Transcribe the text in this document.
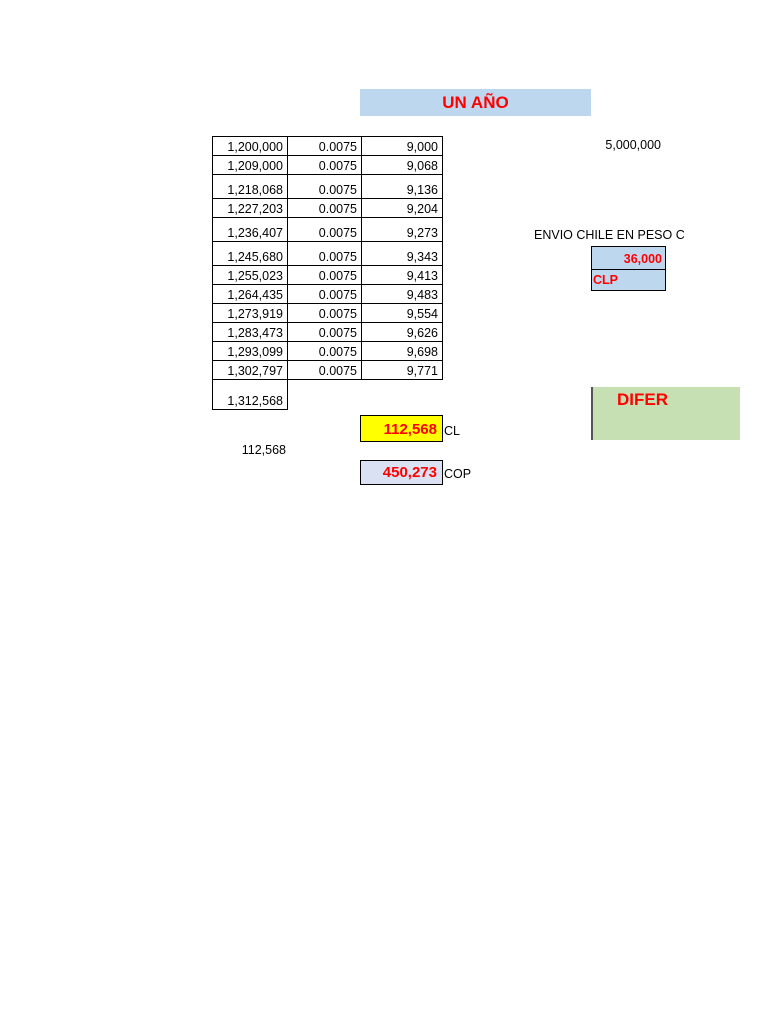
UN AÑO
1,200,000	0.0075	9,000
1,209,000	0.0075	9,068
1,218,068	0.0075	9,136
1,227,203	0.0075	9,204
1,236,407	0.0075	9,273
1,245,680	0.0075	9,343
1,255,023	0.0075	9,413
1,264,435	0.0075	9,483
1,273,919	0.0075	9,554
1,283,473	0.0075	9,626
1,293,099	0.0075	9,698
1,302,797	0.0075	9,771
1,312,568		
112,568 CL
112,568
450,273 COP
5,000,000
ENVIO CHILE EN PESO C
36,000
CLP
DIFER
